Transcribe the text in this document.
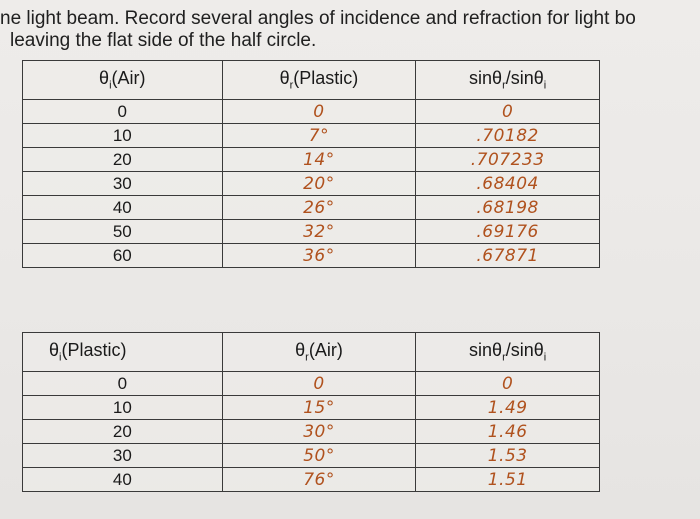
ne light beam. Record several angles of incidence and refraction for light bo
leaving the flat side of the half circle.
$\theta_i(Air)$	$\theta_r(Plastic)$	sinθ$_r$/sinθ$_i$
0	0	0
10	7°	.70182
20	14°	.707233
30	20°	.68404
40	26°	.68198
50	32°	.69176
60	36°	.67871
$\theta_i(Plastic)$	$\theta_r(Air)$	sinθ$_r$/sinθ$_i$
0	0	0
10	15°	1.49
20	30°	1.46
30	50°	1.53
40	76°	1.51
